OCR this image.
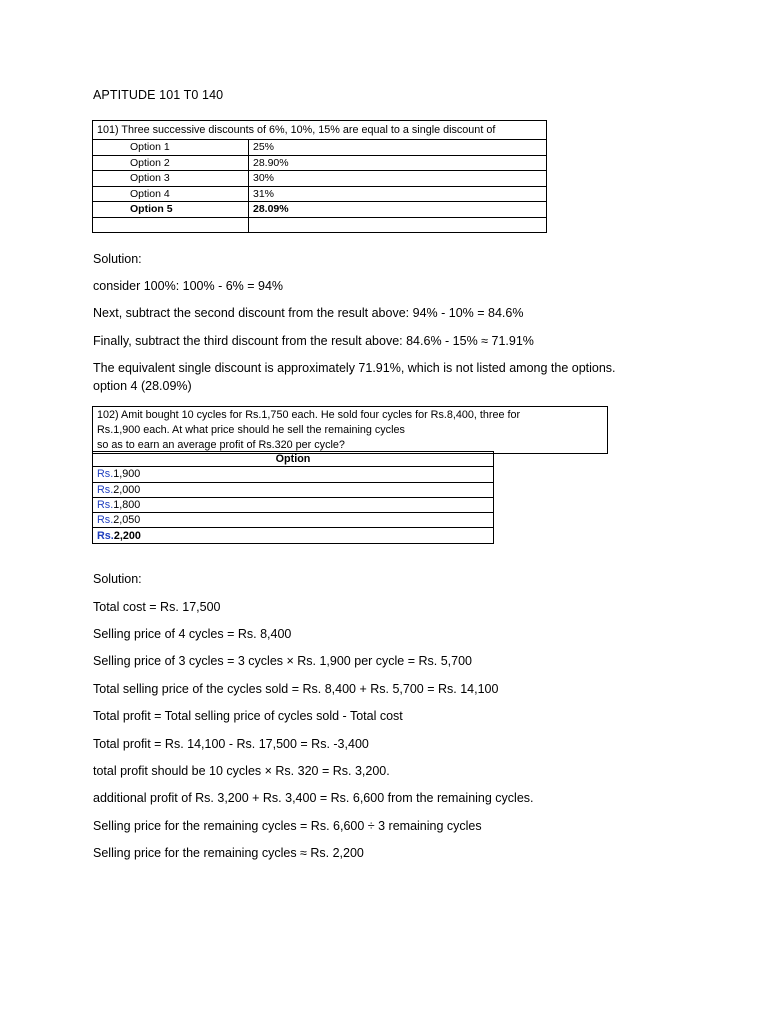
APTITUDE 101 T0 140
101) Three successive discounts of 6%, 10%, 15% are equal to a single discount of	
Option 1	25%
Option 2	28.90%
Option 3	30%
Option 4	31%
Option 5	28.09%

Solution:
consider 100%: 100% - 6% = 94%
Next, subtract the second discount from the result above: 94% - 10% = 84.6%
Finally, subtract the third discount from the result above: 84.6% - 15% ≈ 71.91%
The equivalent single discount is approximately 71.91%, which is not listed among the options.
option 4 (28.09%)
102) Amit bought 10 cycles for Rs.1,750 each. He sold four cycles for Rs.8,400, three for
Rs.1,900 each. At what price should he sell the remaining cycles
so as to earn an average profit of Rs.320 per cycle?
Option
Rs.1,900
Rs.2,000
Rs.1,800
Rs.2,050
Rs.2,200
Solution:
Total cost = Rs. 17,500
Selling price of 4 cycles = Rs. 8,400
Selling price of 3 cycles = 3 cycles × Rs. 1,900 per cycle = Rs. 5,700
Total selling price of the cycles sold = Rs. 8,400 + Rs. 5,700 = Rs. 14,100
Total profit = Total selling price of cycles sold - Total cost
Total profit = Rs. 14,100 - Rs. 17,500 = Rs. -3,400
total profit should be 10 cycles × Rs. 320 = Rs. 3,200.
additional profit of Rs. 3,200 + Rs. 3,400 = Rs. 6,600 from the remaining cycles.
Selling price for the remaining cycles = Rs. 6,600 ÷ 3 remaining cycles
Selling price for the remaining cycles ≈ Rs. 2,200
